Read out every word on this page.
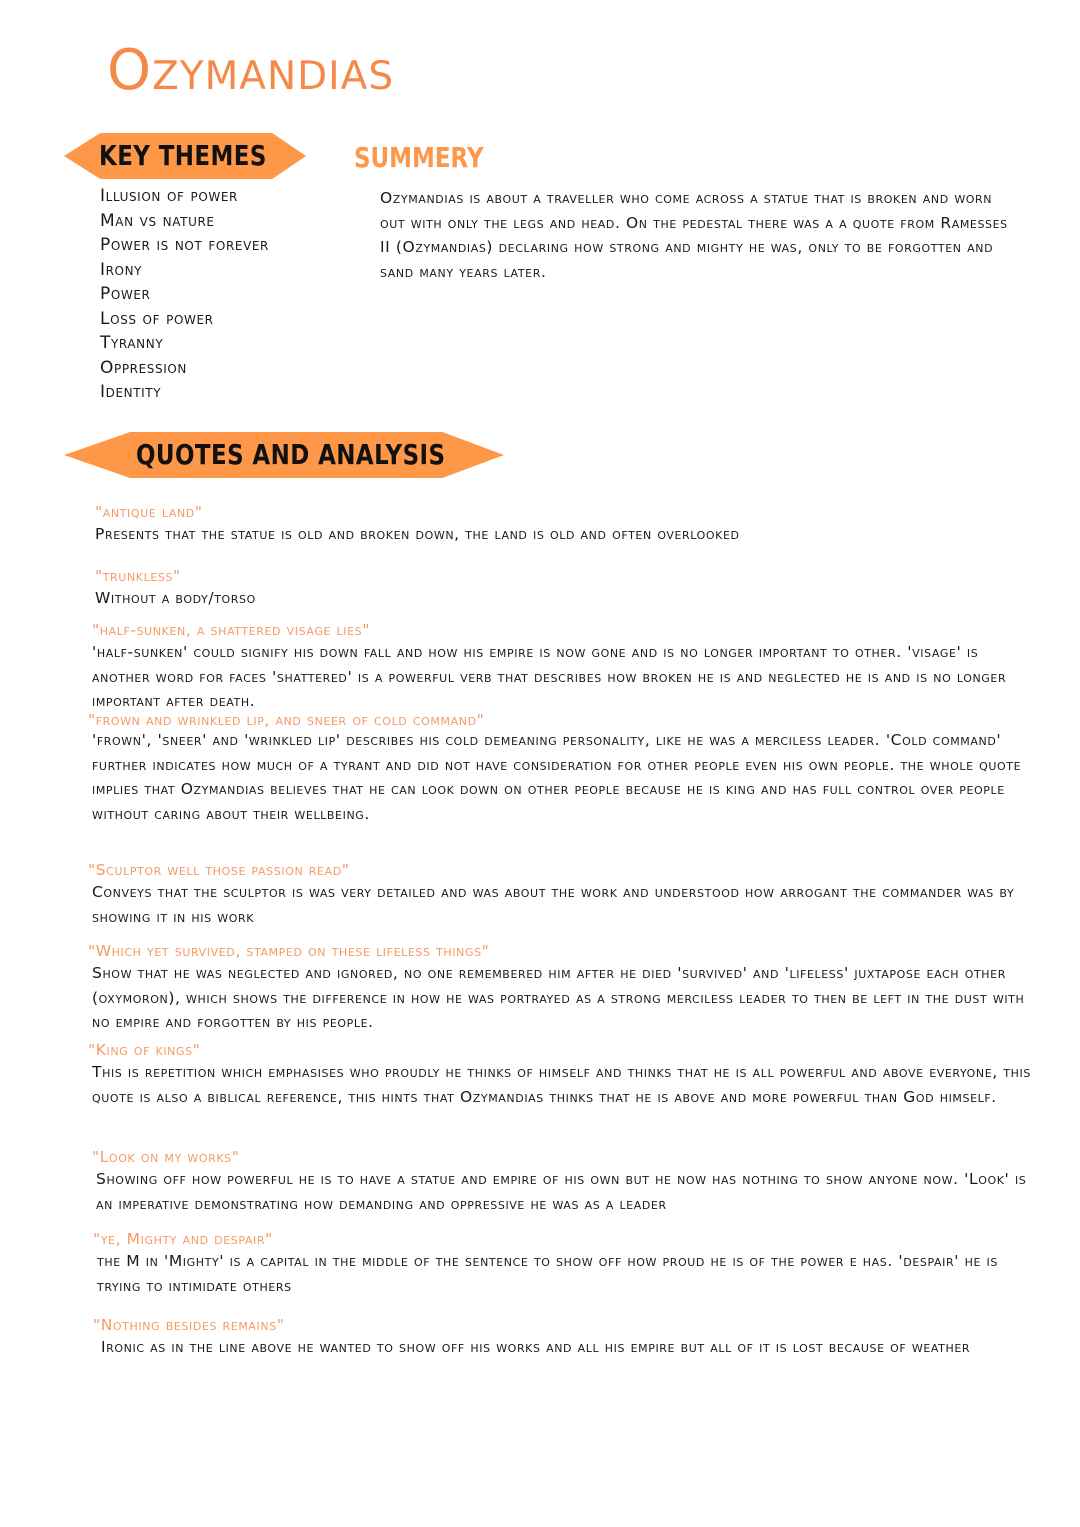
Ozymandias
KEY THEMES	SUMMERY
Illusion of power
Man vs nature
Power is not forever
Irony
Power
Loss of power
Tyranny
Oppression
Identity

Ozymandias is about a traveller who come across a statue that is broken and worn out with only the legs and head. On the pedestal there was a a quote from Ramesses II (Ozymandias) declaring how strong and mighty he was, only to be forgotten and sand many years later.

QUOTES AND ANALYSIS
"antique land"
Presents that the statue is old and broken down, the land is old and often overlooked
"trunkless"
Without a body/torso
"half-sunken, a shattered visage lies"
'half-sunken' could signify his down fall and how his empire is now gone and is no longer important to other. 'visage' is another word for faces 'shattered' is a powerful verb that describes how broken he is and neglected he is and is no longer important after death.
"frown and wrinkled lip, and sneer of cold command"
'frown', 'sneer' and 'wrinkled lip' describes his cold demeaning personality, like he was a merciless leader. 'Cold command' further indicates how much of a tyrant and did not have consideration for other people even his own people. the whole quote implies that Ozymandias believes that he can look down on other people because he is king and has full control over people without caring about their wellbeing.
"Sculptor well those passion read"
Conveys that the sculptor is was very detailed and was about the work and understood how arrogant the commander was by showing it in his work
"Which yet survived, stamped on these lifeless things"
Show that he was neglected and ignored, no one remembered him after he died 'survived' and 'lifeless' juxtapose each other (oxymoron), which shows the difference in how he was portrayed as a strong merciless leader to then be left in the dust with no empire and forgotten by his people.
"King of kings"
This is repetition which emphasises who proudly he thinks of himself and thinks that he is all powerful and above everyone, this quote is also a biblical reference, this hints that Ozymandias thinks that he is above and more powerful than God himself.
"Look on my works"
Showing off how powerful he is to have a statue and empire of his own but he now has nothing to show anyone now. 'Look' is an imperative demonstrating how demanding and oppressive he was as a leader
"ye, Mighty and despair"
the M in 'Mighty' is a capital in the middle of the sentence to show off how proud he is of the power e has. 'despair' he is trying to intimidate others
"Nothing besides remains"
Ironic as in the line above he wanted to show off his works and all his empire but all of it is lost because of weather
